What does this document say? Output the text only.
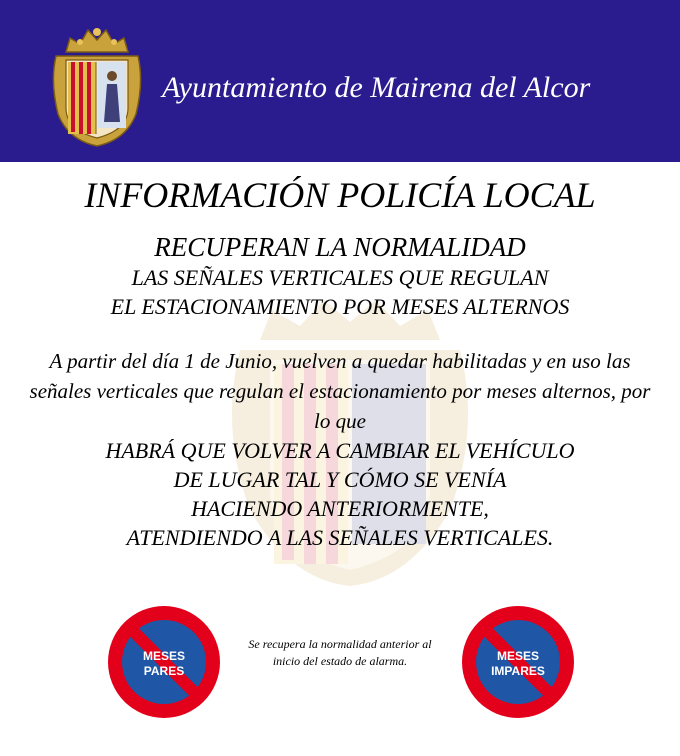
Ayuntamiento de Mairena del Alcor
INFORMACIÓN POLICÍA LOCAL
RECUPERAN LA NORMALIDAD
LAS SEÑALES VERTICALES QUE REGULAN
EL ESTACIONAMIENTO POR MESES ALTERNOS
A partir del día 1 de Junio, vuelven a quedar habilitadas y en uso las señales verticales que regulan el estacionamiento por meses alternos, por lo que
HABRÁ QUE VOLVER A CAMBIAR EL VEHÍCULO
DE LUGAR TAL Y CÓMO SE VENÍA
HACIENDO ANTERIORMENTE,
ATENDIENDO A LAS SEÑALES VERTICALES.
MESES
PARES
Se recupera la normalidad anterior al inicio del estado de alarma.	MESES
IMPARES
